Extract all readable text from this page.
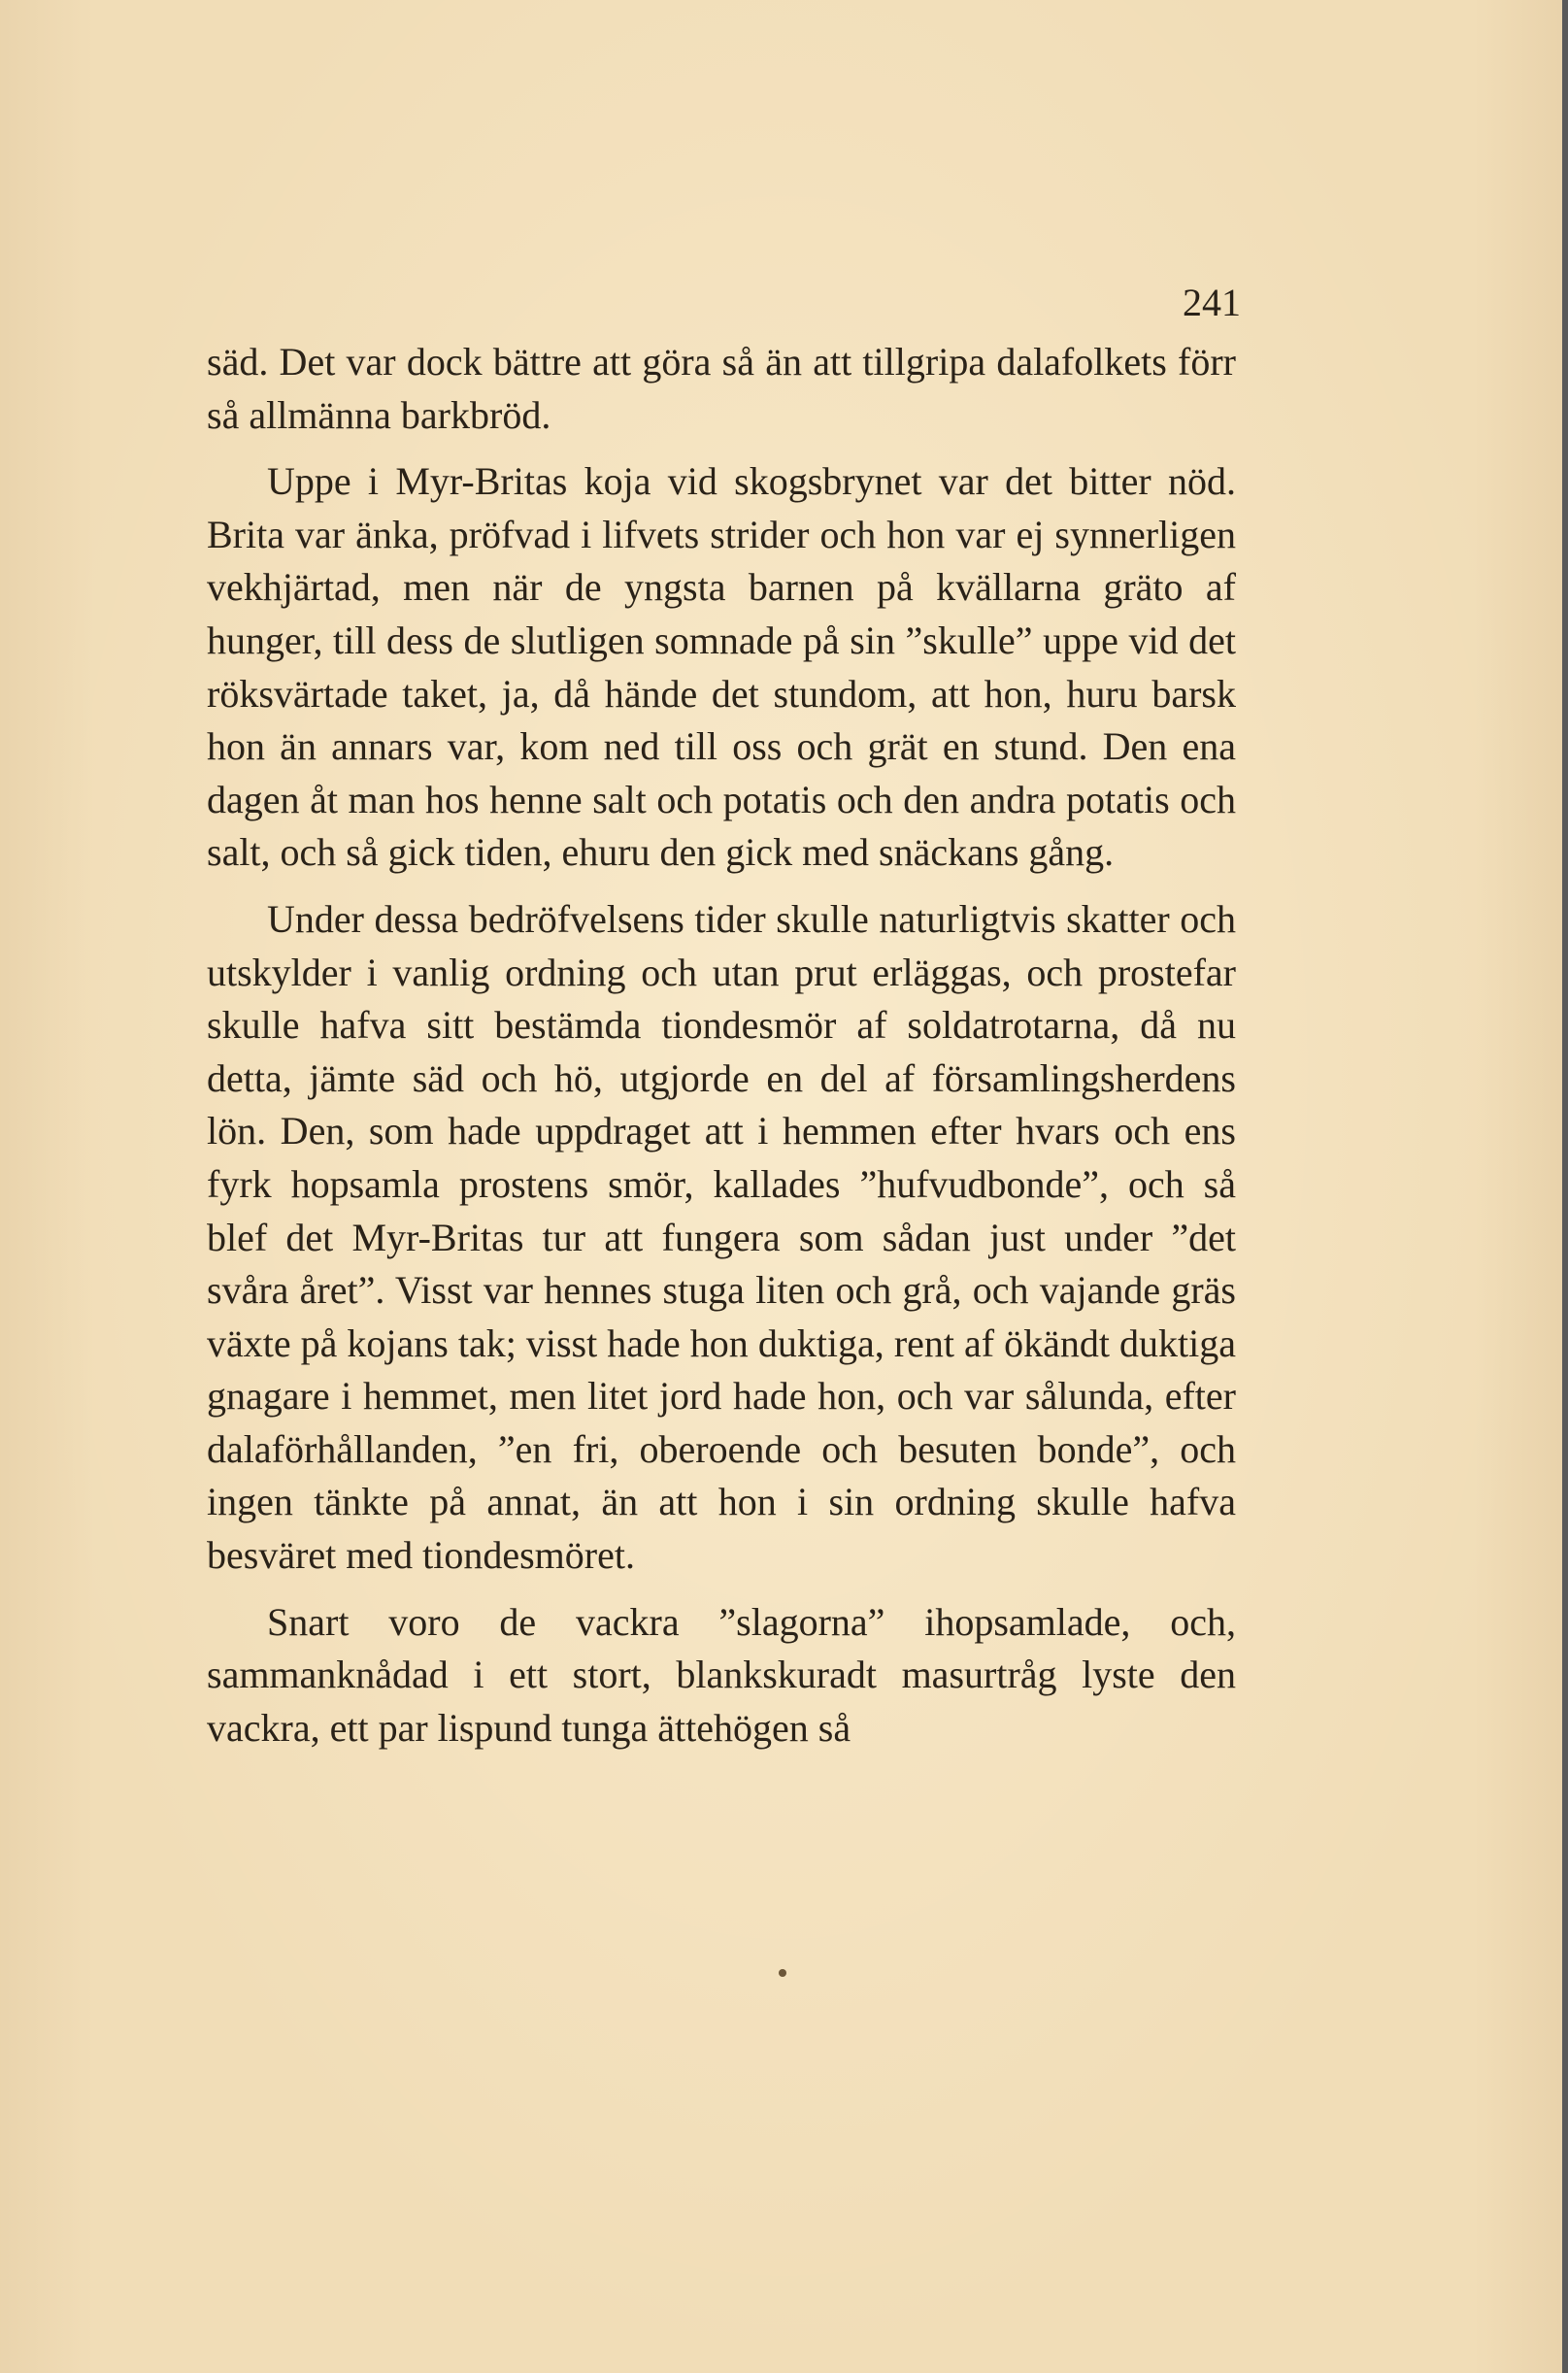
241

säd. Det var dock bättre att göra så än att tillgripa dalafolkets förr så allmänna barkbröd.

Uppe i Myr-Britas koja vid skogsbrynet var det bitter nöd. Brita var änka, pröfvad i lifvets strider och hon var ej synnerligen vekhjärtad, men när de yngsta barnen på kvällarna gräto af hunger, till dess de slutligen somnade på sin ”skulle” uppe vid det röksvärtade taket, ja, då hände det stundom, att hon, huru barsk hon än annars var, kom ned till oss och grät en stund. Den ena dagen åt man hos henne salt och potatis och den andra potatis och salt, och så gick tiden, ehuru den gick med snäckans gång.

Under dessa bedröfvelsens tider skulle naturligtvis skatter och utskylder i vanlig ordning och utan prut erläggas, och prostefar skulle hafva sitt bestämda tiondesmör af soldatrotarna, då nu detta, jämte säd och hö, utgjorde en del af församlingsherdens lön. Den, som hade uppdraget att i hemmen efter hvars och ens fyrk hopsamla prostens smör, kallades ”hufvudbonde”, och så blef det Myr-Britas tur att fungera som sådan just under ”det svåra året”. Visst var hennes stuga liten och grå, och vajande gräs växte på kojans tak; visst hade hon duktiga, rent af ökändt duktiga gnagare i hemmet, men litet jord hade hon, och var sålunda, efter dalaförhållanden, ”en fri, oberoende och besuten bonde”, och ingen tänkte på annat, än att hon i sin ordning skulle hafva besväret med tiondesmöret.

Snart voro de vackra ”slagorna” ihopsamlade, och, sammanknådad i ett stort, blankskuradt masurtråg lyste den vackra, ett par lispund tunga ättehögen så
